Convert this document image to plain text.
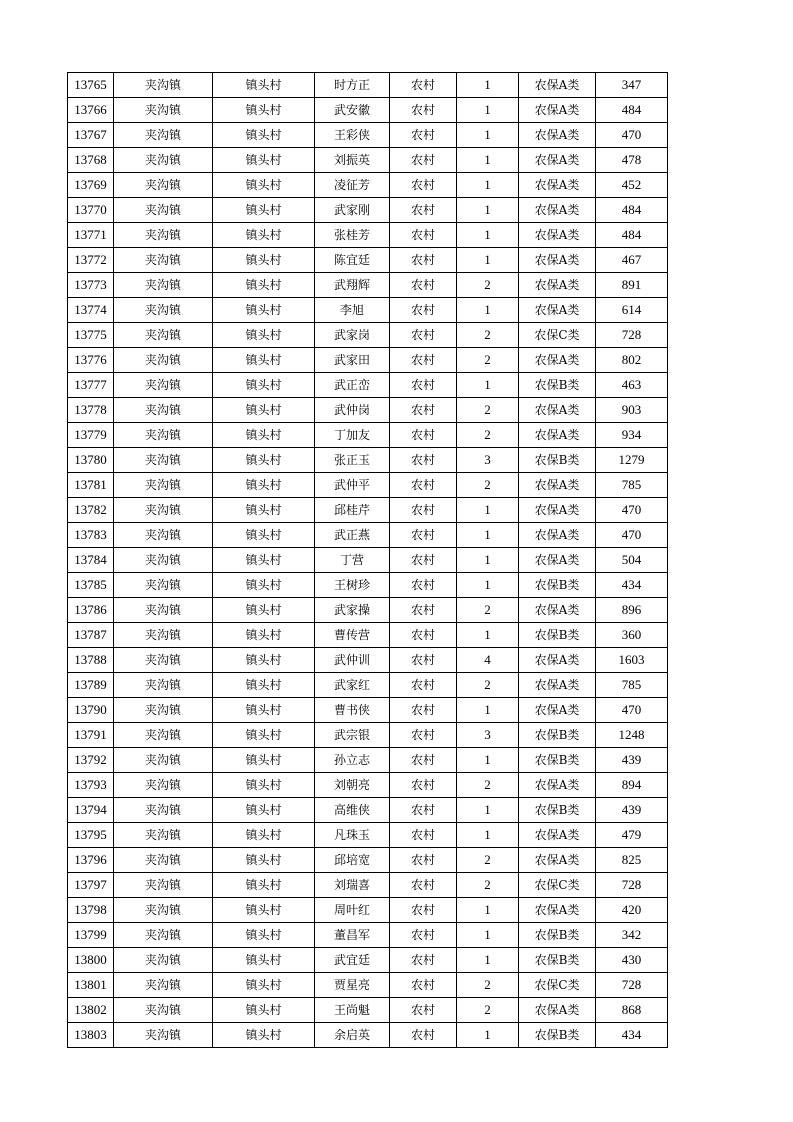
13765	夹沟镇	镇头村	时方正	农村	1	农保A类	347
13766	夹沟镇	镇头村	武安徽	农村	1	农保A类	484
13767	夹沟镇	镇头村	王彩侠	农村	1	农保A类	470
13768	夹沟镇	镇头村	刘振英	农村	1	农保A类	478
13769	夹沟镇	镇头村	凌征芳	农村	1	农保A类	452
13770	夹沟镇	镇头村	武家刚	农村	1	农保A类	484
13771	夹沟镇	镇头村	张桂芳	农村	1	农保A类	484
13772	夹沟镇	镇头村	陈宜廷	农村	1	农保A类	467
13773	夹沟镇	镇头村	武翔辉	农村	2	农保A类	891
13774	夹沟镇	镇头村	李旭	农村	1	农保A类	614
13775	夹沟镇	镇头村	武家岗	农村	2	农保C类	728
13776	夹沟镇	镇头村	武家田	农村	2	农保A类	802
13777	夹沟镇	镇头村	武正峦	农村	1	农保B类	463
13778	夹沟镇	镇头村	武仲岗	农村	2	农保A类	903
13779	夹沟镇	镇头村	丁加友	农村	2	农保A类	934
13780	夹沟镇	镇头村	张正玉	农村	3	农保B类	1279
13781	夹沟镇	镇头村	武仲平	农村	2	农保A类	785
13782	夹沟镇	镇头村	邱桂芹	农村	1	农保A类	470
13783	夹沟镇	镇头村	武正燕	农村	1	农保A类	470
13784	夹沟镇	镇头村	丁营	农村	1	农保A类	504
13785	夹沟镇	镇头村	王树珍	农村	1	农保B类	434
13786	夹沟镇	镇头村	武家操	农村	2	农保A类	896
13787	夹沟镇	镇头村	曹传营	农村	1	农保B类	360
13788	夹沟镇	镇头村	武仲训	农村	4	农保A类	1603
13789	夹沟镇	镇头村	武家红	农村	2	农保A类	785
13790	夹沟镇	镇头村	曹书侠	农村	1	农保A类	470
13791	夹沟镇	镇头村	武宗银	农村	3	农保B类	1248
13792	夹沟镇	镇头村	孙立志	农村	1	农保B类	439
13793	夹沟镇	镇头村	刘朝亮	农村	2	农保A类	894
13794	夹沟镇	镇头村	高维侠	农村	1	农保B类	439
13795	夹沟镇	镇头村	凡珠玉	农村	1	农保A类	479
13796	夹沟镇	镇头村	邱培宽	农村	2	农保A类	825
13797	夹沟镇	镇头村	刘瑞喜	农村	2	农保C类	728
13798	夹沟镇	镇头村	周叶红	农村	1	农保A类	420
13799	夹沟镇	镇头村	董昌军	农村	1	农保B类	342
13800	夹沟镇	镇头村	武宜廷	农村	1	农保B类	430
13801	夹沟镇	镇头村	贾星亮	农村	2	农保C类	728
13802	夹沟镇	镇头村	王尚魁	农村	2	农保A类	868
13803	夹沟镇	镇头村	余启英	农村	1	农保B类	434
